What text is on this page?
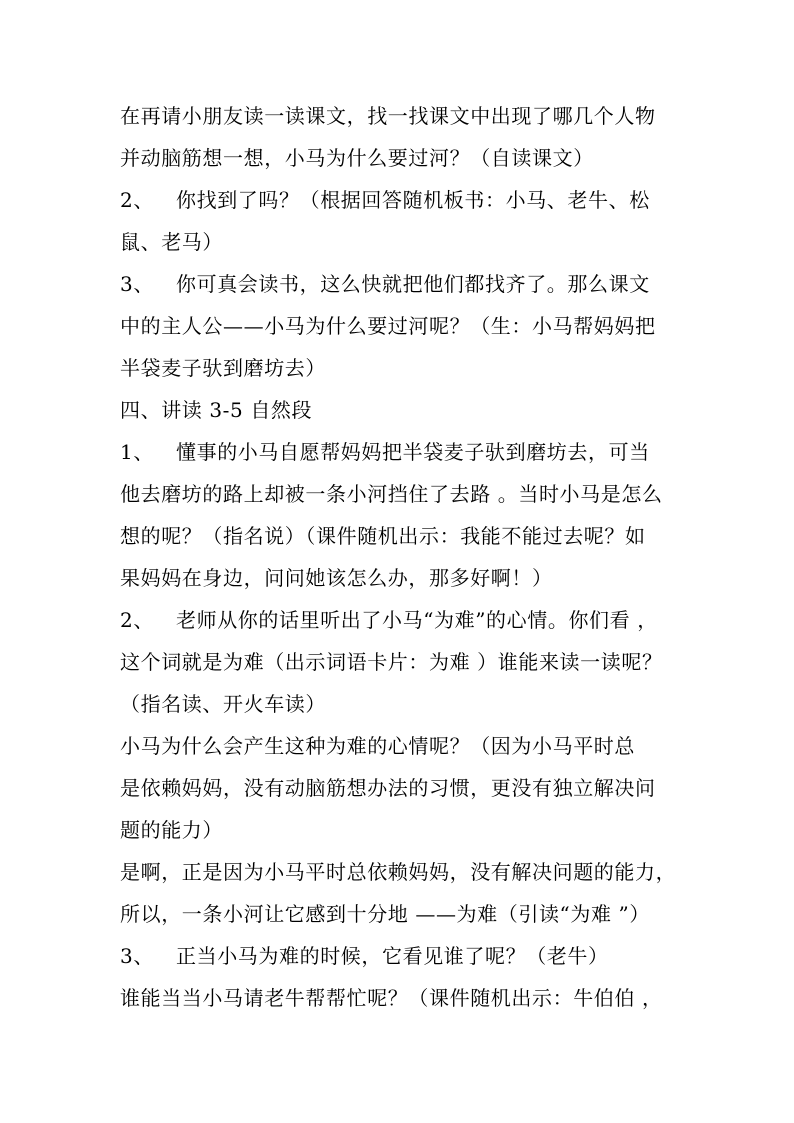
在再请小朋友读一读课文，找一找课文中出现了哪几个人物
并动脑筋想一想，小马为什么要过河？（自读课文）
2、 你找到了吗？（根据回答随机板书：小马、老牛、松
鼠、老马）
3、 你可真会读书，这么快就把他们都找齐了。那么课文
中的主人公——小马为什么要过河呢？（生：小马帮妈妈把
半袋麦子驮到磨坊去）
四、讲读 3-5 自然段
1、 懂事的小马自愿帮妈妈把半袋麦子驮到磨坊去，可当
他去磨坊的路上却被一条小河挡住了去路 。当时小马是怎么
想的呢？（指名说）（课件随机出示：我能不能过去呢？如
果妈妈在身边，问问她该怎么办，那多好啊！）
2、 老师从你的话里听出了小马“为难”的心情。你们看 ，
这个词就是为难（出示词语卡片：为难 ）谁能来读一读呢？
（指名读、开火车读）
小马为什么会产生这种为难的心情呢？（因为小马平时总
是依赖妈妈，没有动脑筋想办法的习惯，更没有独立解决问
题的能力）
是啊，正是因为小马平时总依赖妈妈，没有解决问题的能力，
所以，一条小河让它感到十分地 ——为难（引读“为难 ”）
3、 正当小马为难的时候，它看见谁了呢？（老牛）
谁能当当小马请老牛帮帮忙呢？（课件随机出示：牛伯伯 ，
